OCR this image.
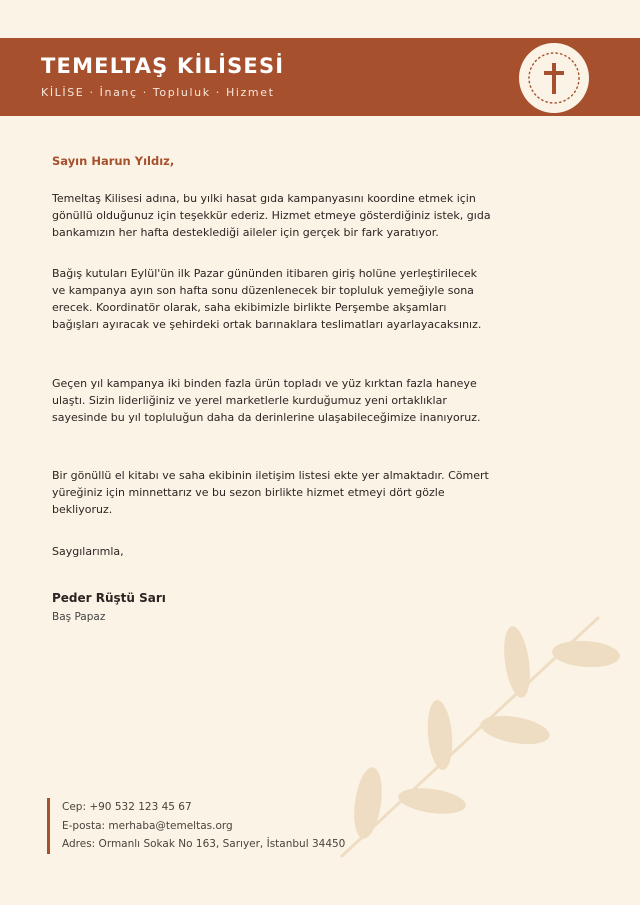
TEMELTAŞ KİLİSESİ
KİLİSE · İnanç · Topluluk · Hizmet
Sayın Harun Yıldız,
Temeltaş Kilisesi adına, bu yılki hasat gıda kampanyasını koordine etmek için gönüllü olduğunuz için teşekkür ederiz. Hizmet etmeye gösterdiğiniz istek, gıda bankamızın her hafta desteklediği aileler için gerçek bir fark yaratıyor.
Bağış kutuları Eylül'ün ilk Pazar gününden itibaren giriş holüne yerleştirilecek ve kampanya ayın son hafta sonu düzenlenecek bir topluluk yemeğiyle sona erecek. Koordinatör olarak, saha ekibimizle birlikte Perşembe akşamları bağışları ayıracak ve şehirdeki ortak barınaklara teslimatları ayarlayacaksınız.
Geçen yıl kampanya iki binden fazla ürün topladı ve yüz kırktan fazla haneye ulaştı. Sizin liderliğiniz ve yerel marketlerle kurduğumuz yeni ortaklıklar sayesinde bu yıl topluluğun daha da derinlerine ulaşabileceğimize inanıyoruz.
Bir gönüllü el kitabı ve saha ekibinin iletişim listesi ekte yer almaktadır. Cömert yüreğiniz için minnettarız ve bu sezon birlikte hizmet etmeyi dört gözle bekliyoruz.
Saygılarımla,
Peder Rüştü Sarı
Baş Papaz
Cep: +90 532 123 45 67
E-posta: merhaba@temeltas.org
Adres: Ormanlı Sokak No 163, Sarıyer, İstanbul 34450
